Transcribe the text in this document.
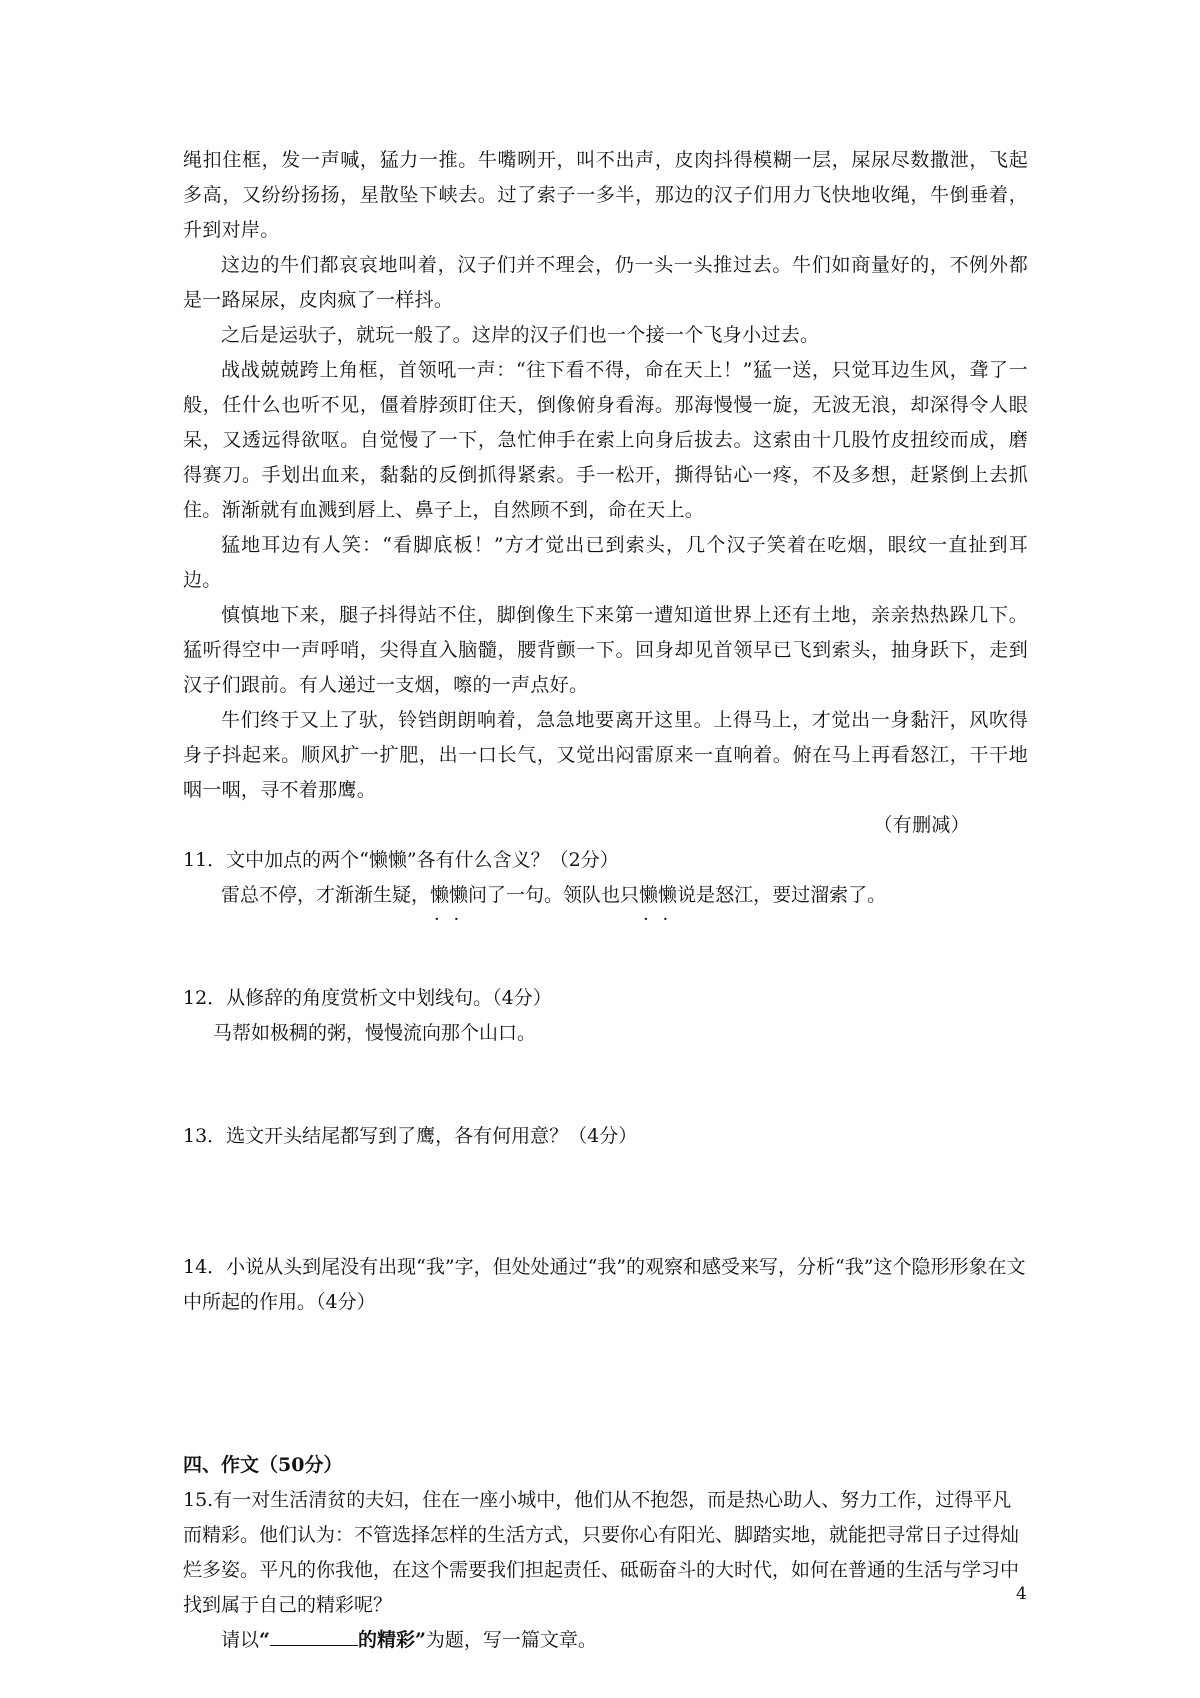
绳扣住框，发一声喊，猛力一推。牛嘴咧开，叫不出声，皮肉抖得模糊一层，屎尿尽数撒泄，飞起多高，又纷纷扬扬，星散坠下峡去。过了索子一多半，那边的汉子们用力飞快地收绳，牛倒垂着，升到对岸。

这边的牛们都哀哀地叫着，汉子们并不理会，仍一头一头推过去。牛们如商量好的，不例外都是一路屎尿，皮肉疯了一样抖。

之后是运驮子，就玩一般了。这岸的汉子们也一个接一个飞身小过去。

战战兢兢跨上角框，首领吼一声：“往下看不得，命在天上！”猛一送，只觉耳边生风，聋了一般，任什么也听不见，僵着脖颈盯住天，倒像俯身看海。那海慢慢一旋，无波无浪，却深得令人眼呆，又透远得欲呕。自觉慢了一下，急忙伸手在索上向身后拔去。这索由十几股竹皮扭绞而成，磨得赛刀。手划出血来，黏黏的反倒抓得紧索。手一松开，撕得钻心一疼，不及多想，赶紧倒上去抓住。渐渐就有血溅到唇上、鼻子上，自然顾不到，命在天上。

猛地耳边有人笑：“看脚底板！”方才觉出已到索头，几个汉子笑着在吃烟，眼纹一直扯到耳边。

慎慎地下来，腿子抖得站不住，脚倒像生下来第一遭知道世界上还有土地，亲亲热热跺几下。猛听得空中一声呼哨，尖得直入脑髓，腰背颤一下。回身却见首领早已飞到索头，抽身跃下，走到汉子们跟前。有人递过一支烟，嚓的一声点好。

牛们终于又上了驮，铃铛朗朗响着，急急地要离开这里。上得马上，才觉出一身黏汗，风吹得身子抖起来。顺风扩一扩肥，出一口长气，又觉出闷雷原来一直响着。俯在马上再看怒江，干干地咽一咽，寻不着那鹰。

（有删减）

11．文中加点的两个“懒懒”各有什么含义？（2分）

雷总不停，才渐渐生疑，懒懒 · ·问了一句。领队也只懒懒 · ·说是怒江，要过溜索了。

12．从修辞的角度赏析文中划线句。（4分）

马帮如极稠的粥，慢慢流向那个山口。

13．选文开头结尾都写到了鹰，各有何用意？（4分）

14．小说从头到尾没有出现“我”字，但处处通过“我”的观察和感受来写，分析“我”这个隐形形象在文中所起的作用。（4分）

四、作文（50分）

15.有一对生活清贫的夫妇，住在一座小城中，他们从不抱怨，而是热心助人、努力工作，过得平凡而精彩。他们认为：不管选择怎样的生活方式，只要你心有阳光、脚踏实地，就能把寻常日子过得灿烂多姿。平凡的你我他，在这个需要我们担起责任、砥砺奋斗的大时代，如何在普通的生活与学习中找到属于自己的精彩呢？

请以“	的精彩”为题，写一篇文章。

4
